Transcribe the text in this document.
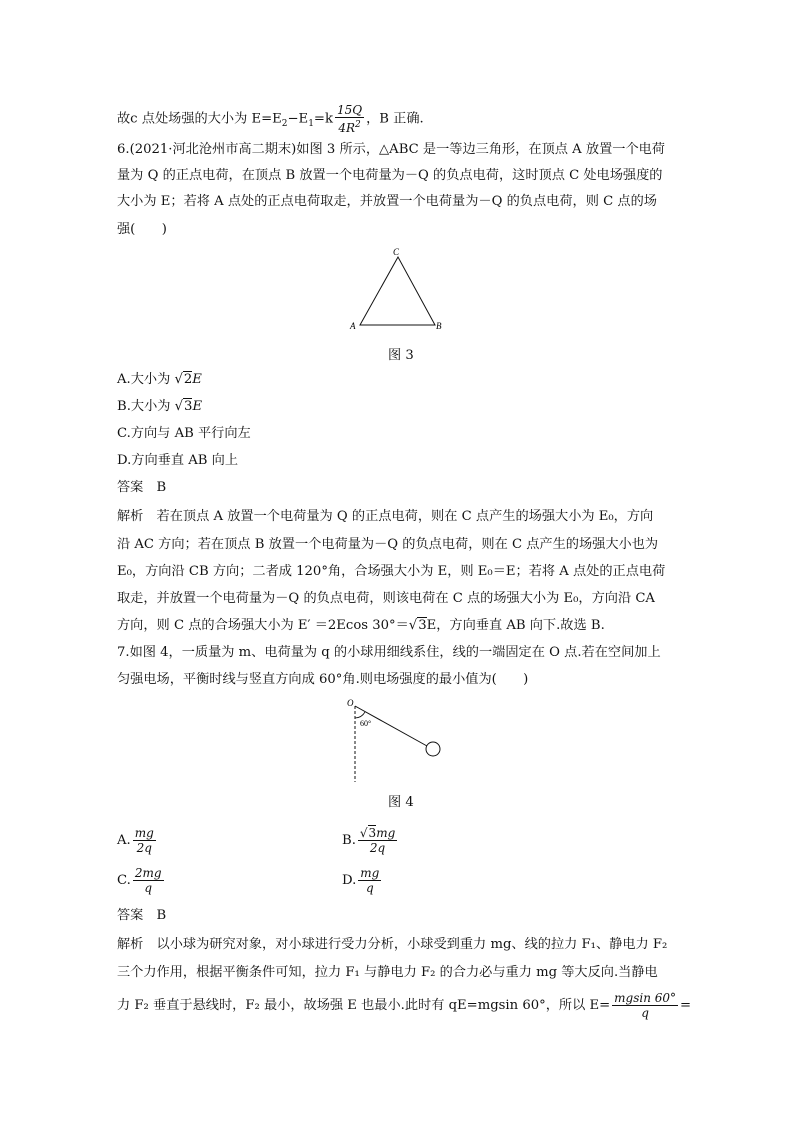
故c 点处场强的大小为 $E=E_2-E_1=k \frac{15Q}{4R^2}$ ，B 正确.
6.(2021·河北沧州市高二期末)如图 3 所示，△ABC 是一等边三角形，在顶点 A 放置一个电荷
量为 Q 的正点电荷，在顶点 B 放置一个电荷量为－Q 的负点电荷，这时顶点 C 处电场强度的
大小为 E；若将 A 点处的正点电荷取走，并放置一个电荷量为－Q 的负点电荷，则 C 点的场
强(　　)
C
A	B
图 3
A.大小为 √2E
B.大小为 √3E
C.方向与 AB 平行向左
D.方向垂直 AB 向上
答案　B
解析　若在顶点 A 放置一个电荷量为 Q 的正点电荷，则在 C 点产生的场强大小为 E₀，方向
沿 AC 方向；若在顶点 B 放置一个电荷量为－Q 的负点电荷，则在 C 点产生的场强大小也为
E₀，方向沿 CB 方向；二者成 120°角，合场强大小为 E，则 E₀＝E；若将 A 点处的正点电荷
取走，并放置一个电荷量为－Q 的负点电荷，则该电荷在 C 点的场强大小为 E₀，方向沿 CA
方向，则 C 点的合场强大小为 E′ ＝2Ecos 30°＝√3E，方向垂直 AB 向下.故选 B.
7.如图 4，一质量为 m、电荷量为 q 的小球用细线系住，线的一端固定在 O 点.若在空间加上
匀强电场，平衡时线与竖直方向成 60°角.则电场强度的最小值为(　　)
O
60°
图 4
A. $\frac{mg}{2q}$	B. $\frac{√3mg}{2q}$
C. $\frac{2mg}{q}$	D. $\frac{mg}{q}$
答案　B
解析　以小球为研究对象，对小球进行受力分析，小球受到重力 mg、线的拉力 F₁、静电力 F₂
三个力作用，根据平衡条件可知，拉力 F₁ 与静电力 F₂ 的合力必与重力 mg 等大反向.当静电
力 F₂ 垂直于悬线时，F₂ 最小，故场强 E 也最小.此时有 qE=mgsin 60°，所以 $E= \frac{mgsin 60^\circ}{q}$ =
